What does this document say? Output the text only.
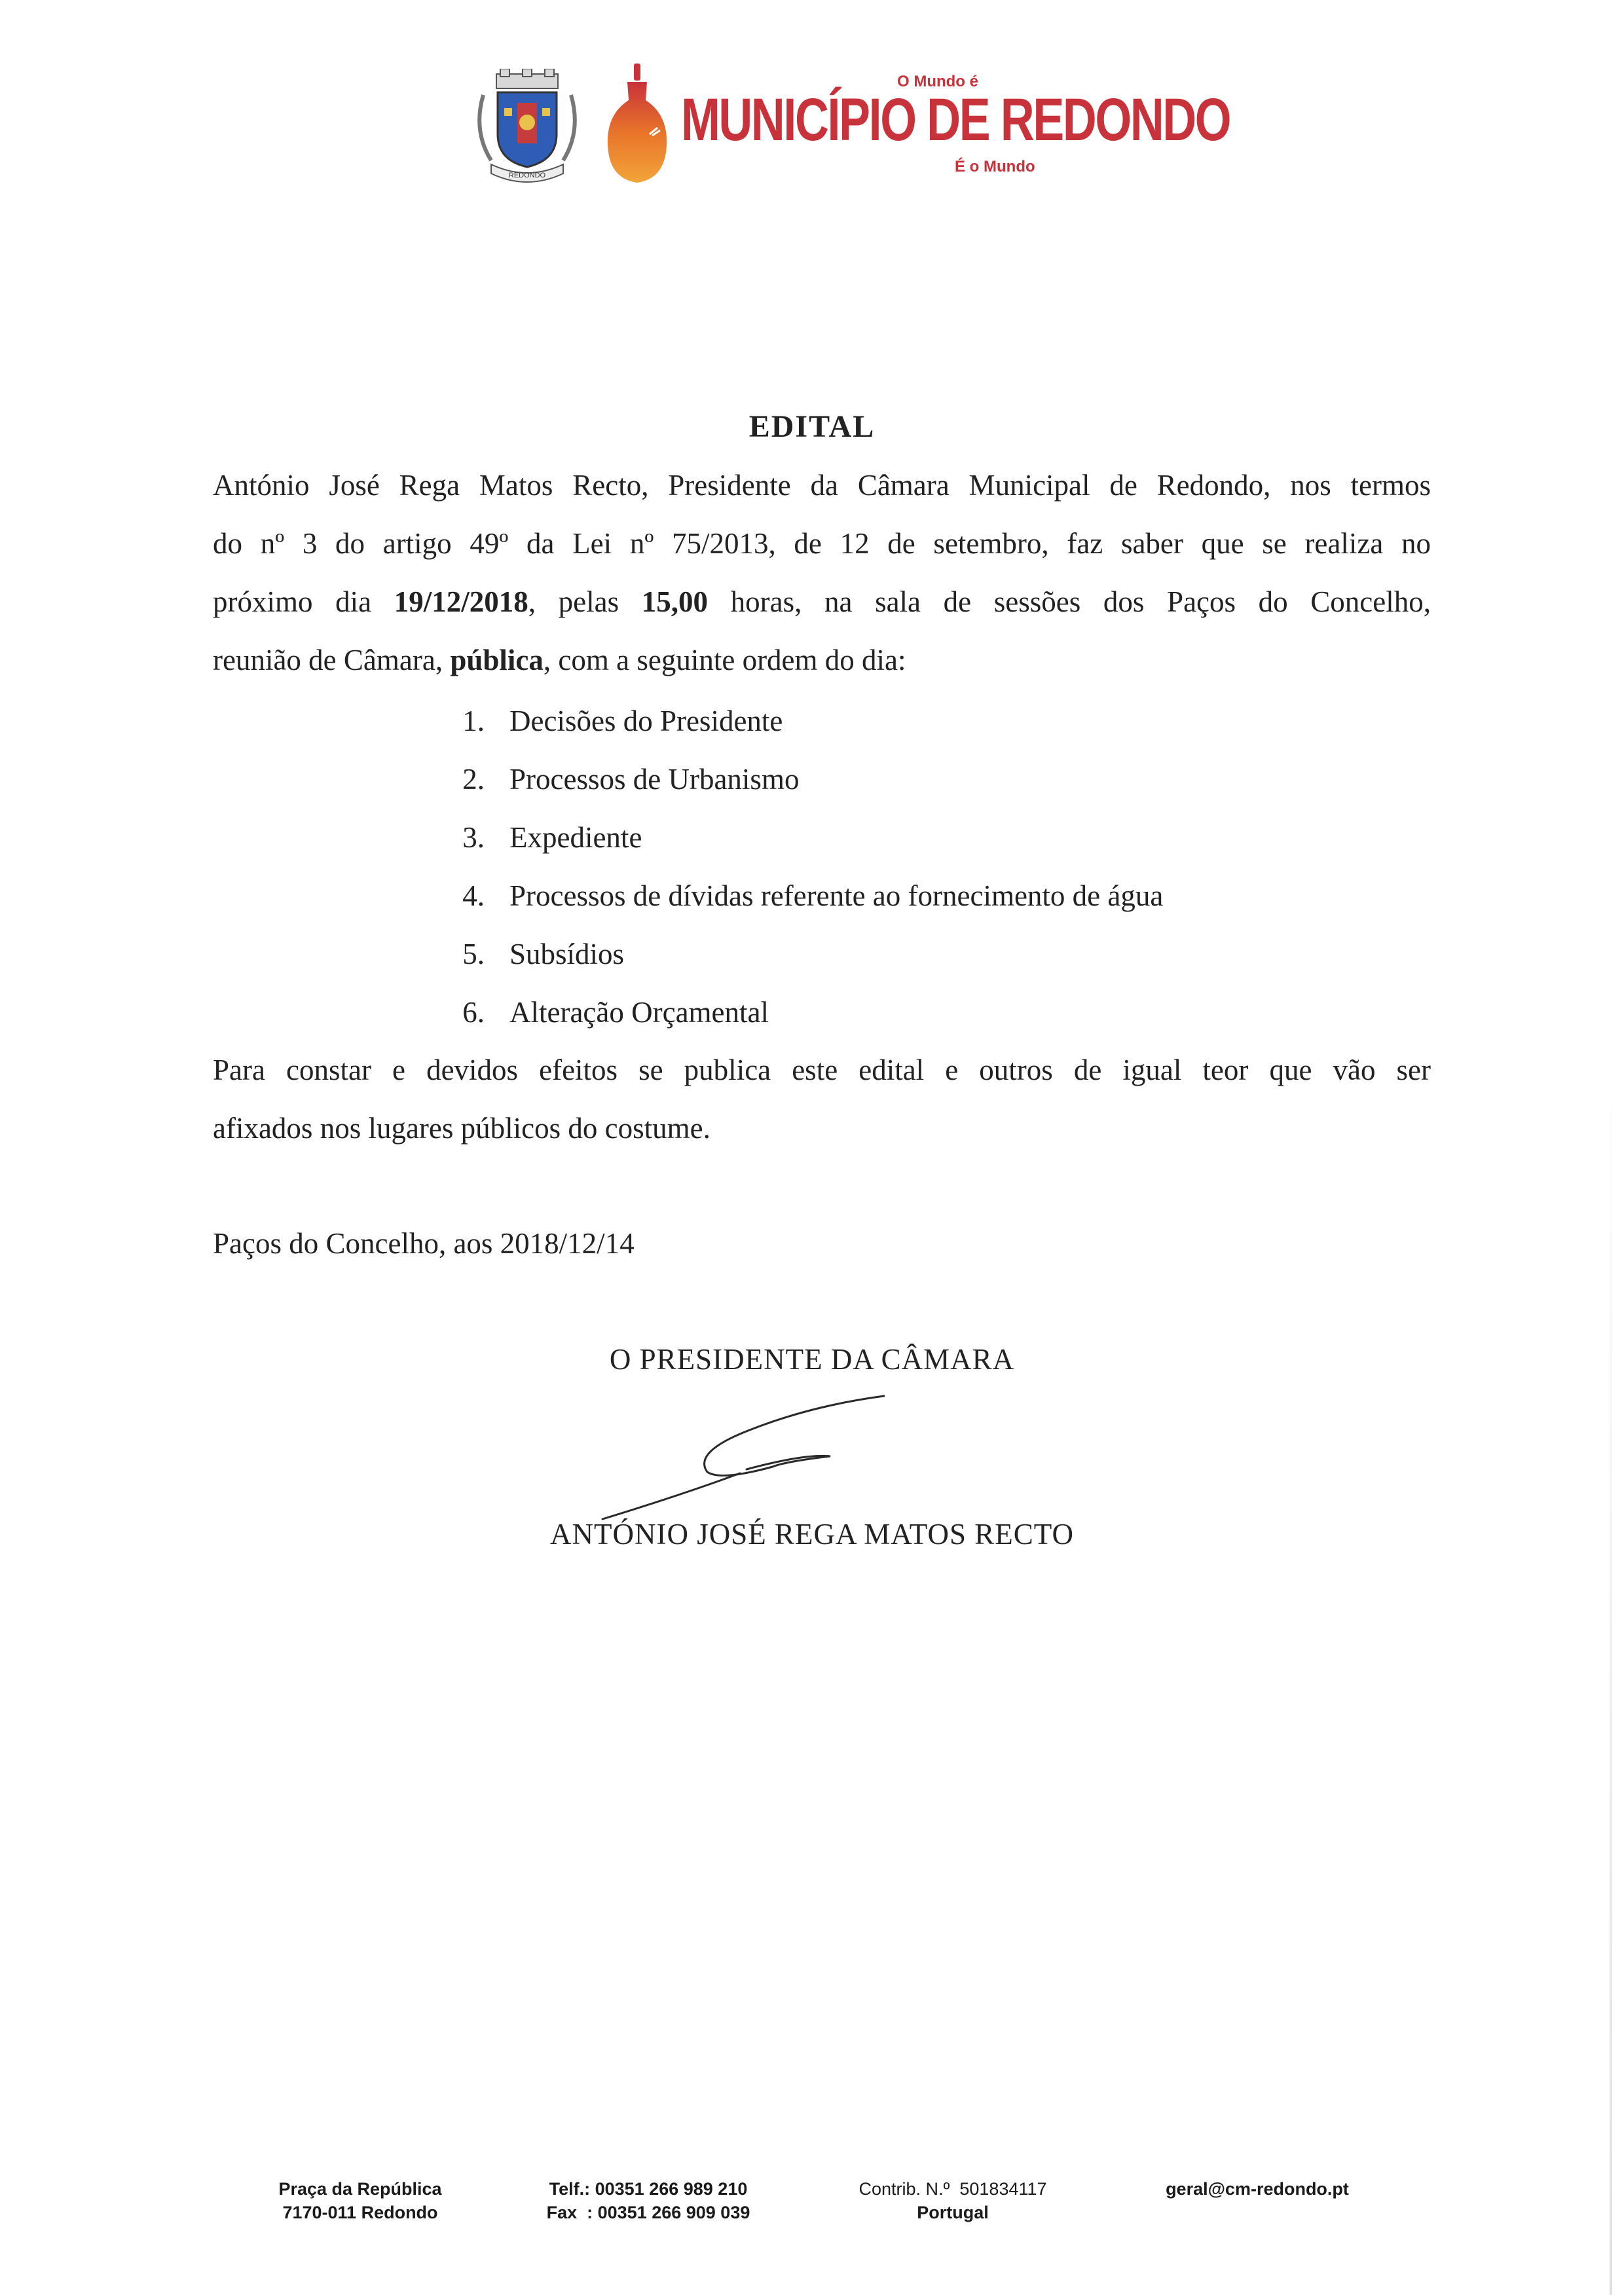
REDONDO
O Mundo é
MUNICÍPIO DE REDONDO
É o Mundo
EDITAL
António José Rega Matos Recto, Presidente da Câmara Municipal de Redondo, nos termos
do nº 3 do artigo 49º da Lei nº 75/2013, de 12 de setembro, faz saber que se realiza no
próximo dia 19/12/2018, pelas 15,00 horas, na sala de sessões dos Paços do Concelho,
reunião de Câmara, pública, com a seguinte ordem do dia:
1. Decisões do Presidente
2. Processos de Urbanismo
3. Expediente
4. Processos de dívidas referente ao fornecimento de água
5. Subsídios
6. Alteração Orçamental
Para constar e devidos efeitos se publica este edital e outros de igual teor que vão ser
afixados nos lugares públicos do costume.
Paços do Concelho, aos 2018/12/14
O PRESIDENTE DA CÂMARA
ANTÓNIO JOSÉ REGA MATOS RECTO
Praça da República
7170-011 Redondo
Telf.: 00351 266 989 210
Fax  : 00351 266 909 039
Contrib. N.º  501834117
Portugal
geral@cm-redondo.pt
